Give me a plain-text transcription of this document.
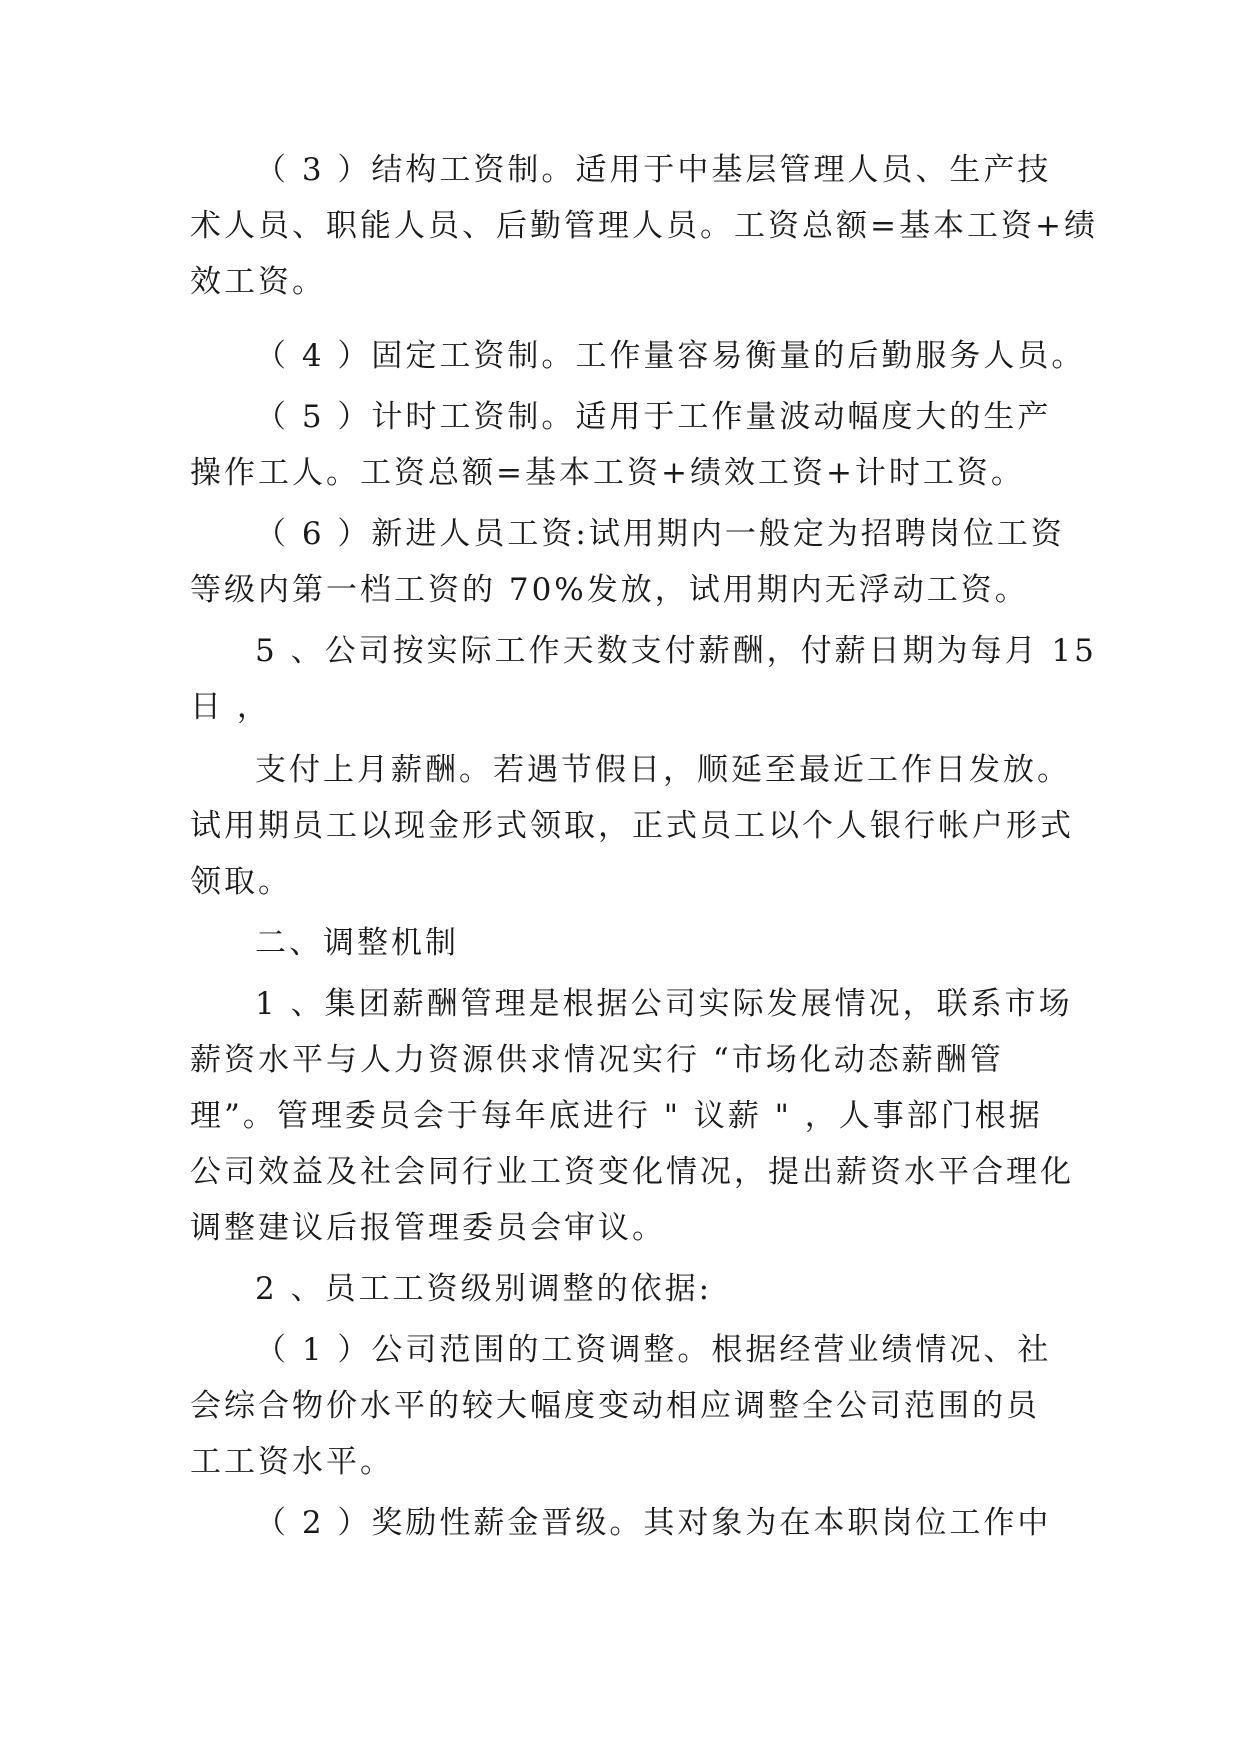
（ 3 ）结构工资制。适用于中基层管理人员、生产技
术人员、职能人员、后勤管理人员。工资总额=基本工资+绩
效工资。
（ 4 ）固定工资制。工作量容易衡量的后勤服务人员。
（ 5 ）计时工资制。适用于工作量波动幅度大的生产
操作工人。工资总额=基本工资+绩效工资+计时工资。
（ 6 ）新进人员工资:试用期内一般定为招聘岗位工资
等级内第一档工资的 70%发放，试用期内无浮动工资。
5 、公司按实际工作天数支付薪酬，付薪日期为每月 15
日 ，
支付上月薪酬。若遇节假日，顺延至最近工作日发放。
试用期员工以现金形式领取，正式员工以个人银行帐户形式
领取。
二、调整机制
1 、集团薪酬管理是根据公司实际发展情况，联系市场
薪资水平与人力资源供求情况实行 “市场化动态薪酬管
理”。管理委员会于每年底进行 " 议薪 " ，人事部门根据
公司效益及社会同行业工资变化情况，提出薪资水平合理化
调整建议后报管理委员会审议。
2 、员工工资级别调整的依据:
（ 1 ）公司范围的工资调整。根据经营业绩情况、社
会综合物价水平的较大幅度变动相应调整全公司范围的员
工工资水平。
（ 2 ）奖励性薪金晋级。其对象为在本职岗位工作中
